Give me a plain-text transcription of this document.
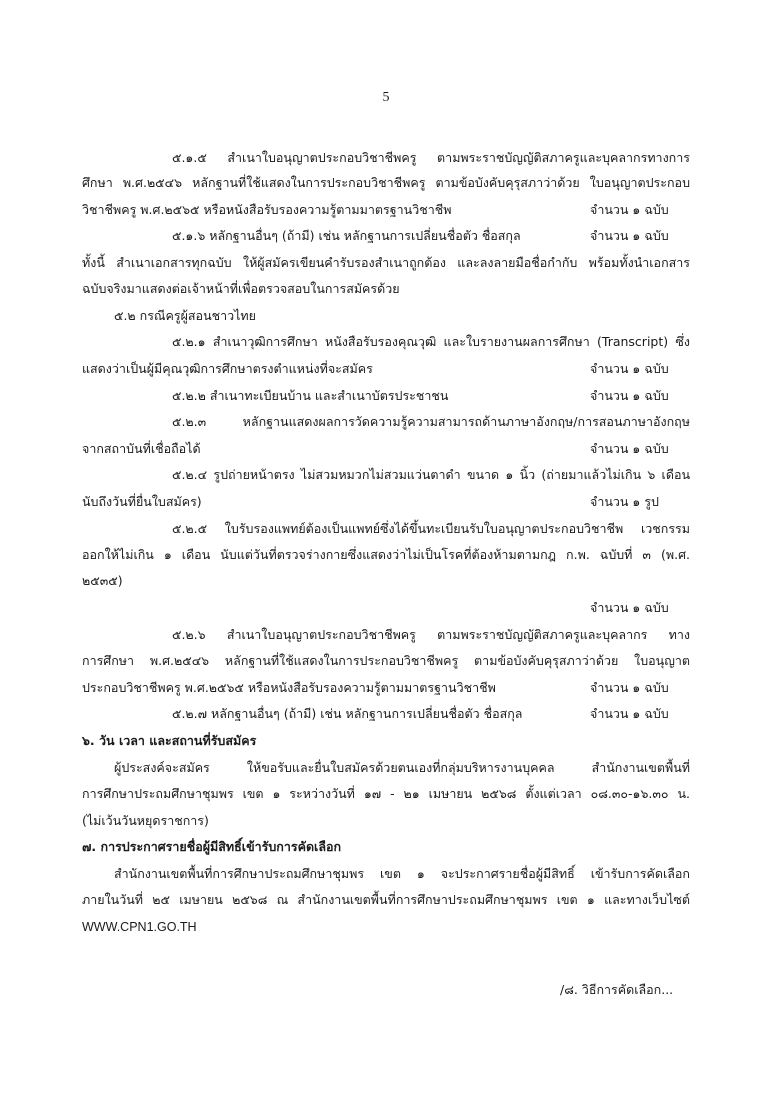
5
๕.๑.๕ สำเนาใบอนุญาตประกอบวิชาชีพครู ตามพระราชบัญญัติสภาครูและบุคลากรทางการ
ศึกษา พ.ศ.๒๕๔๖ หลักฐานที่ใช้แสดงในการประกอบวิชาชีพครู ตามข้อบังคับคุรุสภาว่าด้วย ใบอนุญาตประกอบ
วิชาชีพครู พ.ศ.๒๕๖๕ หรือหนังสือรับรองความรู้ตามมาตรฐานวิชาชีพ	จำนวน ๑ ฉบับ
๕.๑.๖ หลักฐานอื่นๆ (ถ้ามี) เช่น หลักฐานการเปลี่ยนชื่อตัว ชื่อสกุล	จำนวน ๑ ฉบับ
ทั้งนี้ สำเนาเอกสารทุกฉบับ ให้ผู้สมัครเขียนคำรับรองสำเนาถูกต้อง และลงลายมือชื่อกำกับ พร้อมทั้งนำเอกสาร
ฉบับจริงมาแสดงต่อเจ้าหน้าที่เพื่อตรวจสอบในการสมัครด้วย
๕.๒ กรณีครูผู้สอนชาวไทย
๕.๒.๑ สำเนาวุฒิการศึกษา หนังสือรับรองคุณวุฒิ และใบรายงานผลการศึกษา (Transcript) ซึ่ง
แสดงว่าเป็นผู้มีคุณวุฒิการศึกษาตรงตำแหน่งที่จะสมัคร	จำนวน ๑ ฉบับ
๕.๒.๒ สำเนาทะเบียนบ้าน และสำเนาบัตรประชาชน	จำนวน ๑ ฉบับ
๕.๒.๓ หลักฐานแสดงผลการวัดความรู้ความสามารถด้านภาษาอังกฤษ/การสอนภาษาอังกฤษ
จากสถาบันที่เชื่อถือได้	จำนวน ๑ ฉบับ
๕.๒.๔ รูปถ่ายหน้าตรง ไม่สวมหมวกไม่สวมแว่นตาดำ ขนาด ๑ นิ้ว (ถ่ายมาแล้วไม่เกิน ๖ เดือน
นับถึงวันที่ยื่นใบสมัคร)	จำนวน ๑ รูป
๕.๒.๕ ใบรับรองแพทย์ต้องเป็นแพทย์ซึ่งได้ขึ้นทะเบียนรับใบอนุญาตประกอบวิชาชีพ เวชกรรม
ออกให้ไม่เกิน ๑ เดือน นับแต่วันที่ตรวจร่างกายซึ่งแสดงว่าไม่เป็นโรคที่ต้องห้ามตามกฎ ก.พ. ฉบับที่ ๓ (พ.ศ.
๒๕๓๕)
จำนวน ๑ ฉบับ
๕.๒.๖ สำเนาใบอนุญาตประกอบวิชาชีพครู ตามพระราชบัญญัติสภาครูและบุคลากร ทาง
การศึกษา พ.ศ.๒๕๔๖ หลักฐานที่ใช้แสดงในการประกอบวิชาชีพครู ตามข้อบังคับคุรุสภาว่าด้วย ใบอนุญาต
ประกอบวิชาชีพครู พ.ศ.๒๕๖๕ หรือหนังสือรับรองความรู้ตามมาตรฐานวิชาชีพ	จำนวน ๑ ฉบับ
๕.๒.๗ หลักฐานอื่นๆ (ถ้ามี) เช่น หลักฐานการเปลี่ยนชื่อตัว ชื่อสกุล	จำนวน ๑ ฉบับ
๖. วัน เวลา และสถานที่รับสมัคร
ผู้ประสงค์จะสมัคร ให้ขอรับและยื่นใบสมัครด้วยตนเองที่กลุ่มบริหารงานบุคคล สำนักงานเขตพื้นที่
การศึกษาประถมศึกษาชุมพร เขต ๑ ระหว่างวันที่ ๑๗ - ๒๑ เมษายน ๒๕๖๘ ตั้งแต่เวลา ๐๘.๓๐-๑๖.๓๐ น.
(ไม่เว้นวันหยุดราชการ)
๗. การประกาศรายชื่อผู้มีสิทธิ์เข้ารับการคัดเลือก
สำนักงานเขตพื้นที่การศึกษาประถมศึกษาชุมพร เขต ๑ จะประกาศรายชื่อผู้มีสิทธิ์ เข้ารับการคัดเลือก
ภายในวันที่ ๒๕ เมษายน ๒๕๖๘ ณ สำนักงานเขตพื้นที่การศึกษาประถมศึกษาชุมพร เขต ๑ และทางเว็บไซต์
WWW.CPN1.GO.TH
/๘. วิธีการคัดเลือก...
